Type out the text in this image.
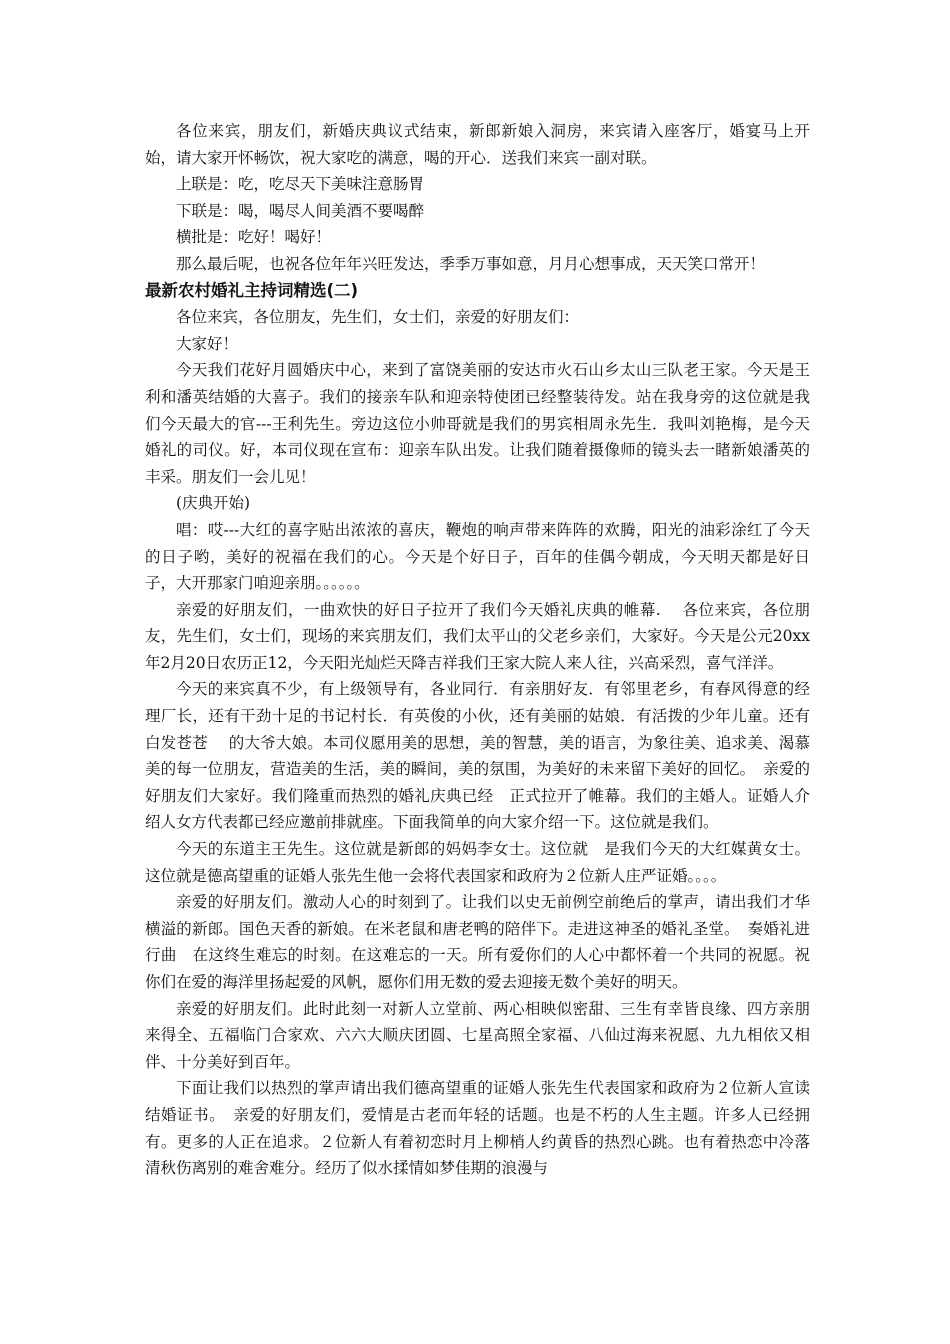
各位来宾，朋友们，新婚庆典议式结束，新郎新娘入洞房，来宾请入座客厅，婚宴马上开始，请大家开怀畅饮，祝大家吃的满意，喝的开心．送我们来宾一副对联。

上联是：吃，吃尽天下美味注意肠胃

下联是：喝，喝尽人间美酒不要喝醉

横批是：吃好！喝好！

那么最后呢，也祝各位年年兴旺发达，季季万事如意，月月心想事成，天天笑口常开！

最新农村婚礼主持词精选(二)

各位来宾，各位朋友，先生们，女士们，亲爱的好朋友们：

大家好！

今天我们花好月圆婚庆中心，来到了富饶美丽的安达市火石山乡太山三队老王家。今天是王利和潘英结婚的大喜子。我们的接亲车队和迎亲特使团已经整装待发。站在我身旁的这位就是我们今天最大的官---王利先生。旁边这位小帅哥就是我们的男宾相周永先生．我叫刘艳梅，是今天婚礼的司仪。好，本司仪现在宣布：迎亲车队出发。让我们随着摄像师的镜头去一睹新娘潘英的丰采。朋友们一会儿见！

(庆典开始)

唱：哎---大红的喜字贴出浓浓的喜庆，鞭炮的响声带来阵阵的欢腾，阳光的油彩涂红了今天的日子哟，美好的祝福在我们的心。今天是个好日子，百年的佳偶今朝成，今天明天都是好日子，大开那家门咱迎亲朋。。。。。。

亲爱的好朋友们，一曲欢快的好日子拉开了我们今天婚礼庆典的帷幕.　 各位来宾，各位朋友，先生们，女士们，现场的来宾朋友们，我们太平山的父老乡亲们，大家好。今天是公元20xx年2月20日农历正12，今天阳光灿烂天降吉祥我们王家大院人来人往，兴高采烈，喜气洋洋。

今天的来宾真不少，有上级领导有，各业同行．有亲朋好友．有邻里老乡，有春风得意的经理厂长，还有干劲十足的书记村长．有英俊的小伙，还有美丽的姑娘．有活拨的少年儿童。还有白发苍苍　 的大爷大娘。本司仪愿用美的思想，美的智慧，美的语言，为象往美、追求美、渴慕美的每一位朋友，营造美的生活，美的瞬间，美的氛围，为美好的未来留下美好的回忆。　亲爱的好朋友们大家好。我们隆重而热烈的婚礼庆典已经　正式拉开了帷幕。我们的主婚人。证婚人介绍人女方代表都已经应邀前排就座。下面我简单的向大家介绍一下。这位就是我们。

今天的东道主王先生。这位就是新郎的妈妈李女士。这位就　是我们今天的大红媒黄女士。这位就是德高望重的证婚人张先生他一会将代表国家和政府为２位新人庄严证婚。。。。

亲爱的好朋友们。激动人心的时刻到了。让我们以史无前例空前绝后的掌声，请出我们才华横溢的新郎。国色天香的新娘。在米老鼠和唐老鸭的陪伴下。走进这神圣的婚礼圣堂。　奏婚礼进行曲　在这终生难忘的时刻。在这难忘的一天。所有爱你们的人心中都怀着一个共同的祝愿。祝你们在爱的海洋里扬起爱的风帆，愿你们用无数的爱去迎接无数个美好的明天。

亲爱的好朋友们。此时此刻一对新人立堂前、两心相映似密甜、三生有幸皆良缘、四方亲朋来得全、五福临门合家欢、六六大顺庆团圆、七星高照全家福、八仙过海来祝愿、九九相依又相伴、十分美好到百年。

下面让我们以热烈的掌声请出我们德高望重的证婚人张先生代表国家和政府为２位新人宣读结婚证书。　亲爱的好朋友们，爱情是古老而年轻的话题。也是不朽的人生主题。许多人已经拥有。更多的人正在追求。２位新人有着初恋时月上柳梢人约黄昏的热烈心跳。也有着热恋中冷落清秋伤离别的难舍难分。经历了似水揉情如梦佳期的浪漫与
